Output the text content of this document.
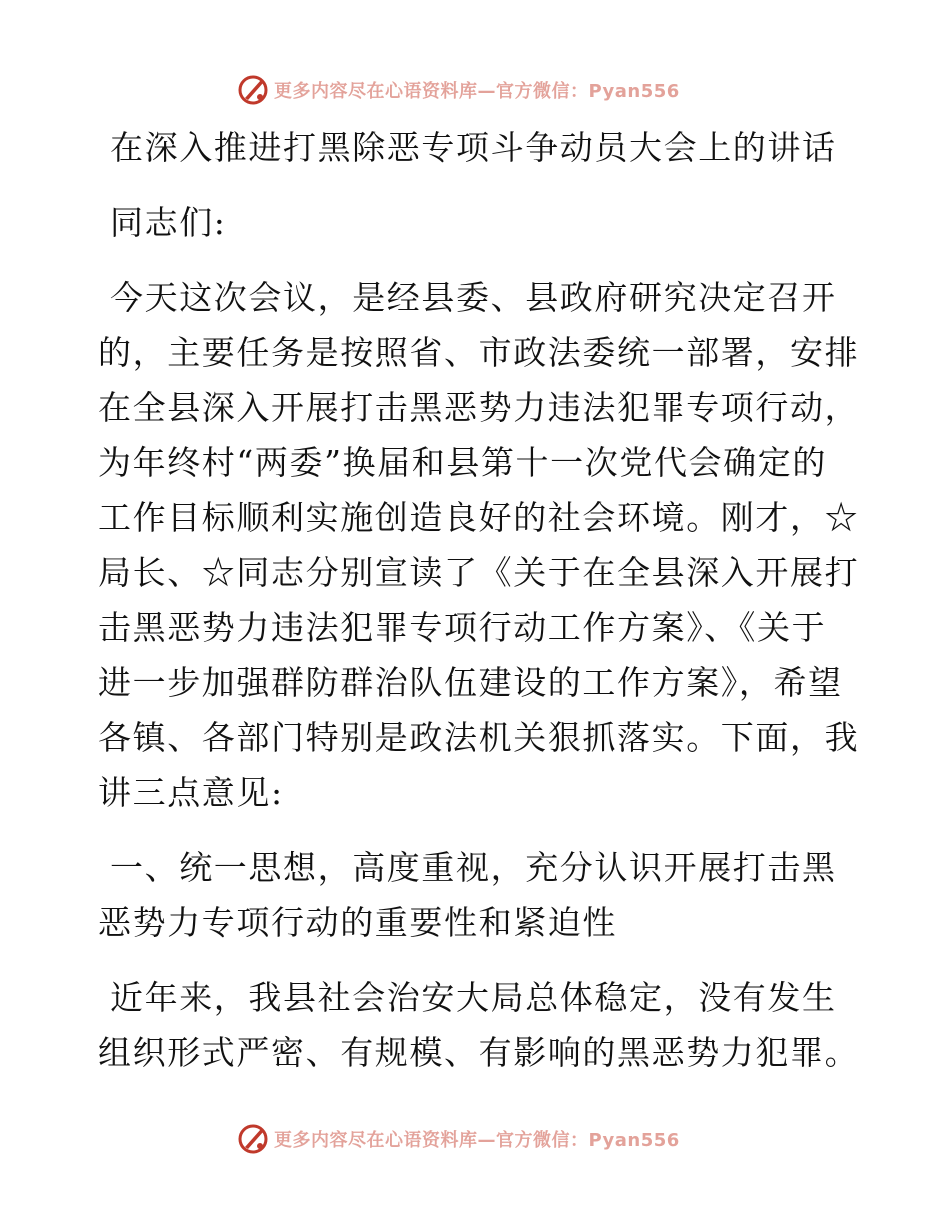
更多内容尽在心语资料库—官方微信：Pyan556
在深入推进打黑除恶专项斗争动员大会上的讲话
同志们:
今天这次会议，是经县委、县政府研究决定召开
的，主要任务是按照省、市政法委统一部署，安排
在全县深入开展打击黑恶势力违法犯罪专项行动，
为年终村“两委”换届和县第十一次党代会确定的
工作目标顺利实施创造良好的社会环境。刚才，☆
局长、☆同志分别宣读了《关于在全县深入开展打
击黑恶势力违法犯罪专项行动工作方案》、《关于
进一步加强群防群治队伍建设的工作方案》，希望
各镇、各部门特别是政法机关狠抓落实。下面，我
讲三点意见:
一、统一思想，高度重视，充分认识开展打击黑
恶势力专项行动的重要性和紧迫性
近年来，我县社会治安大局总体稳定，没有发生
组织形式严密、有规模、有影响的黑恶势力犯罪。
更多内容尽在心语资料库—官方微信：Pyan556
